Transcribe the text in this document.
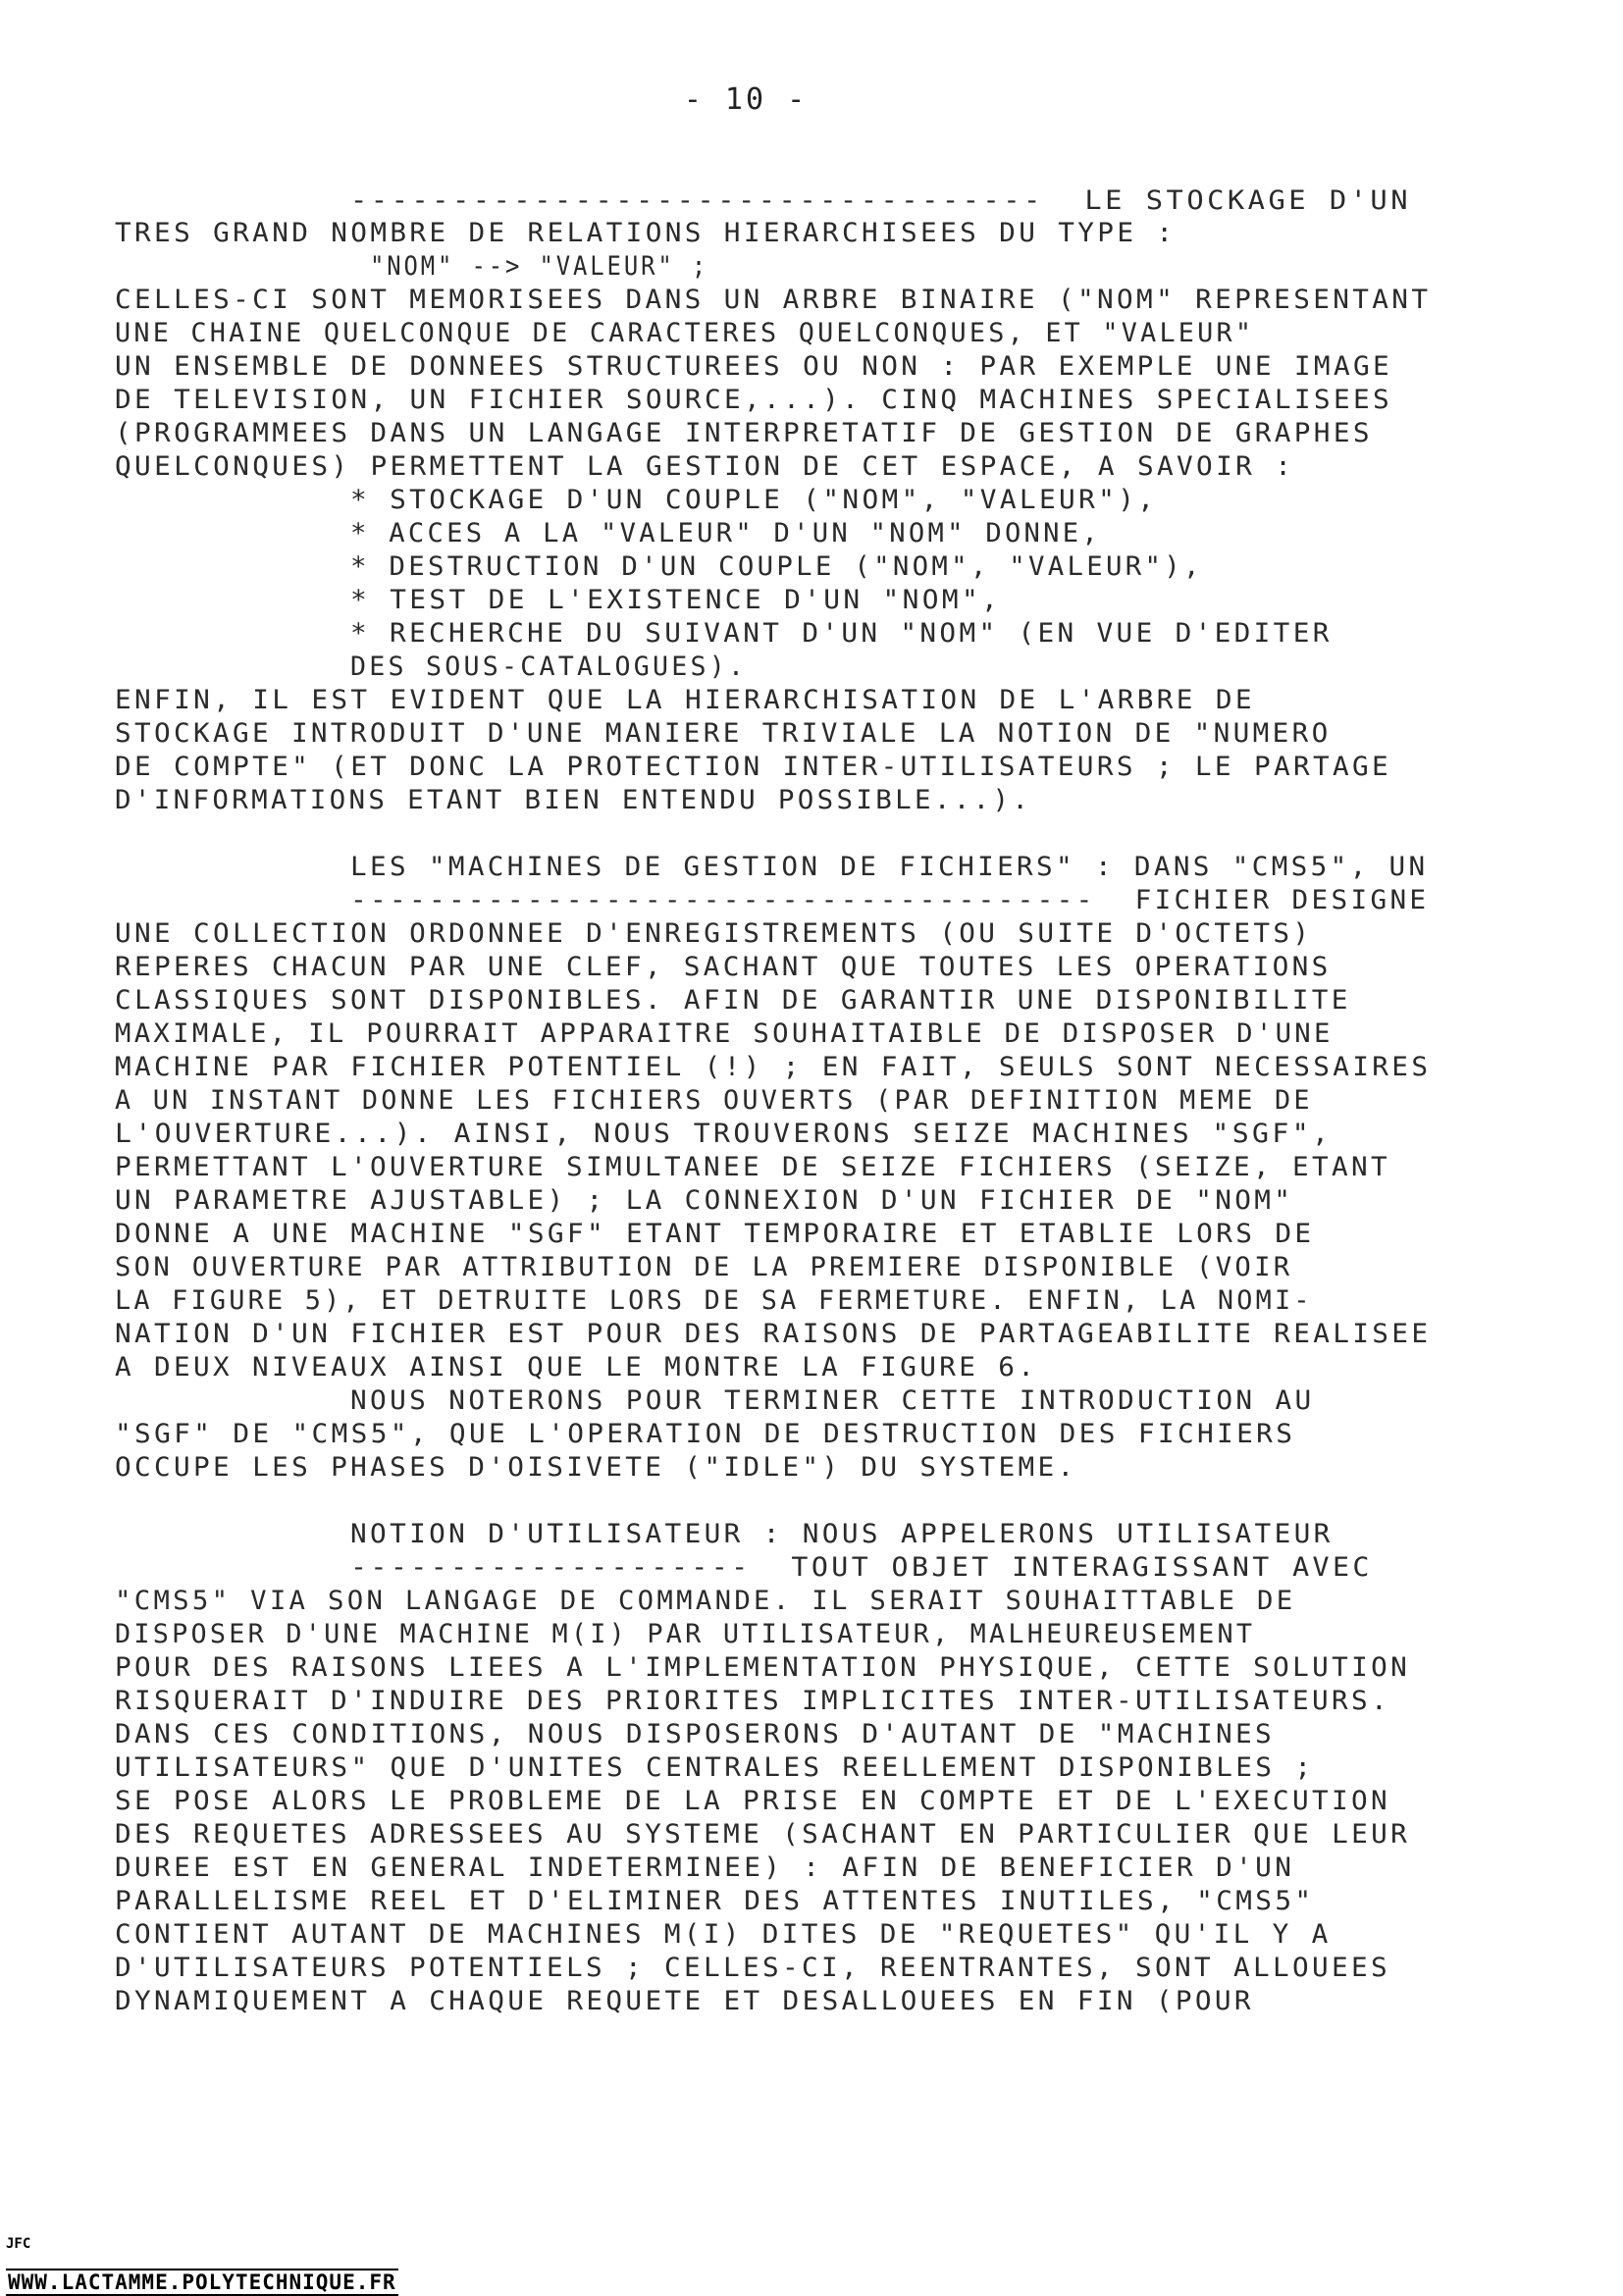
- 10 -
----------------------------------  LE STOCKAGE D'UN
TRES GRAND NOMBRE DE RELATIONS HIERARCHISEES DU TYPE :
"NOM" --> "VALEUR" ;
CELLES-CI SONT MEMORISEES DANS UN ARBRE BINAIRE ("NOM" REPRESENTANT
UNE CHAINE QUELCONQUE DE CARACTERES QUELCONQUES, ET "VALEUR"
UN ENSEMBLE DE DONNEES STRUCTUREES OU NON : PAR EXEMPLE UNE IMAGE
DE TELEVISION, UN FICHIER SOURCE,...). CINQ MACHINES SPECIALISEES
(PROGRAMMEES DANS UN LANGAGE INTERPRETATIF DE GESTION DE GRAPHES
QUELCONQUES) PERMETTENT LA GESTION DE CET ESPACE, A SAVOIR :
* STOCKAGE D'UN COUPLE ("NOM", "VALEUR"),
* ACCES A LA "VALEUR" D'UN "NOM" DONNE,
* DESTRUCTION D'UN COUPLE ("NOM", "VALEUR"),
* TEST DE L'EXISTENCE D'UN "NOM",
* RECHERCHE DU SUIVANT D'UN "NOM" (EN VUE D'EDITER
DES SOUS-CATALOGUES).
ENFIN, IL EST EVIDENT QUE LA HIERARCHISATION DE L'ARBRE DE
STOCKAGE INTRODUIT D'UNE MANIERE TRIVIALE LA NOTION DE "NUMERO
DE COMPTE" (ET DONC LA PROTECTION INTER-UTILISATEURS ; LE PARTAGE
D'INFORMATIONS ETANT BIEN ENTENDU POSSIBLE...).
LES "MACHINES DE GESTION DE FICHIERS" : DANS "CMS5", UN
--------------------------------------  FICHIER DESIGNE
UNE COLLECTION ORDONNEE D'ENREGISTREMENTS (OU SUITE D'OCTETS)
REPERES CHACUN PAR UNE CLEF, SACHANT QUE TOUTES LES OPERATIONS
CLASSIQUES SONT DISPONIBLES. AFIN DE GARANTIR UNE DISPONIBILITE
MAXIMALE, IL POURRAIT APPARAITRE SOUHAITAIBLE DE DISPOSER D'UNE
MACHINE PAR FICHIER POTENTIEL (!) ; EN FAIT, SEULS SONT NECESSAIRES
A UN INSTANT DONNE LES FICHIERS OUVERTS (PAR DEFINITION MEME DE
L'OUVERTURE...). AINSI, NOUS TROUVERONS SEIZE MACHINES "SGF",
PERMETTANT L'OUVERTURE SIMULTANEE DE SEIZE FICHIERS (SEIZE, ETANT
UN PARAMETRE AJUSTABLE) ; LA CONNEXION D'UN FICHIER DE "NOM"
DONNE A UNE MACHINE "SGF" ETANT TEMPORAIRE ET ETABLIE LORS DE
SON OUVERTURE PAR ATTRIBUTION DE LA PREMIERE DISPONIBLE (VOIR
LA FIGURE 5), ET DETRUITE LORS DE SA FERMETURE. ENFIN, LA NOMI-
NATION D'UN FICHIER EST POUR DES RAISONS DE PARTAGEABILITE REALISEE
A DEUX NIVEAUX AINSI QUE LE MONTRE LA FIGURE 6.
NOUS NOTERONS POUR TERMINER CETTE INTRODUCTION AU
"SGF" DE "CMS5", QUE L'OPERATION DE DESTRUCTION DES FICHIERS
OCCUPE LES PHASES D'OISIVETE ("IDLE") DU SYSTEME.
NOTION D'UTILISATEUR : NOUS APPELERONS UTILISATEUR
--------------------  TOUT OBJET INTERAGISSANT AVEC
"CMS5" VIA SON LANGAGE DE COMMANDE. IL SERAIT SOUHAITTABLE DE
DISPOSER D'UNE MACHINE M(I) PAR UTILISATEUR, MALHEUREUSEMENT
POUR DES RAISONS LIEES A L'IMPLEMENTATION PHYSIQUE, CETTE SOLUTION
RISQUERAIT D'INDUIRE DES PRIORITES IMPLICITES INTER-UTILISATEURS.
DANS CES CONDITIONS, NOUS DISPOSERONS D'AUTANT DE "MACHINES
UTILISATEURS" QUE D'UNITES CENTRALES REELLEMENT DISPONIBLES ;
SE POSE ALORS LE PROBLEME DE LA PRISE EN COMPTE ET DE L'EXECUTION
DES REQUETES ADRESSEES AU SYSTEME (SACHANT EN PARTICULIER QUE LEUR
DUREE EST EN GENERAL INDETERMINEE) : AFIN DE BENEFICIER D'UN
PARALLELISME REEL ET D'ELIMINER DES ATTENTES INUTILES, "CMS5"
CONTIENT AUTANT DE MACHINES M(I) DITES DE "REQUETES" QU'IL Y A
D'UTILISATEURS POTENTIELS ; CELLES-CI, REENTRANTES, SONT ALLOUEES
DYNAMIQUEMENT A CHAQUE REQUETE ET DESALLOUEES EN FIN (POUR
JFC
WWW.LACTAMME.POLYTECHNIQUE.FR
